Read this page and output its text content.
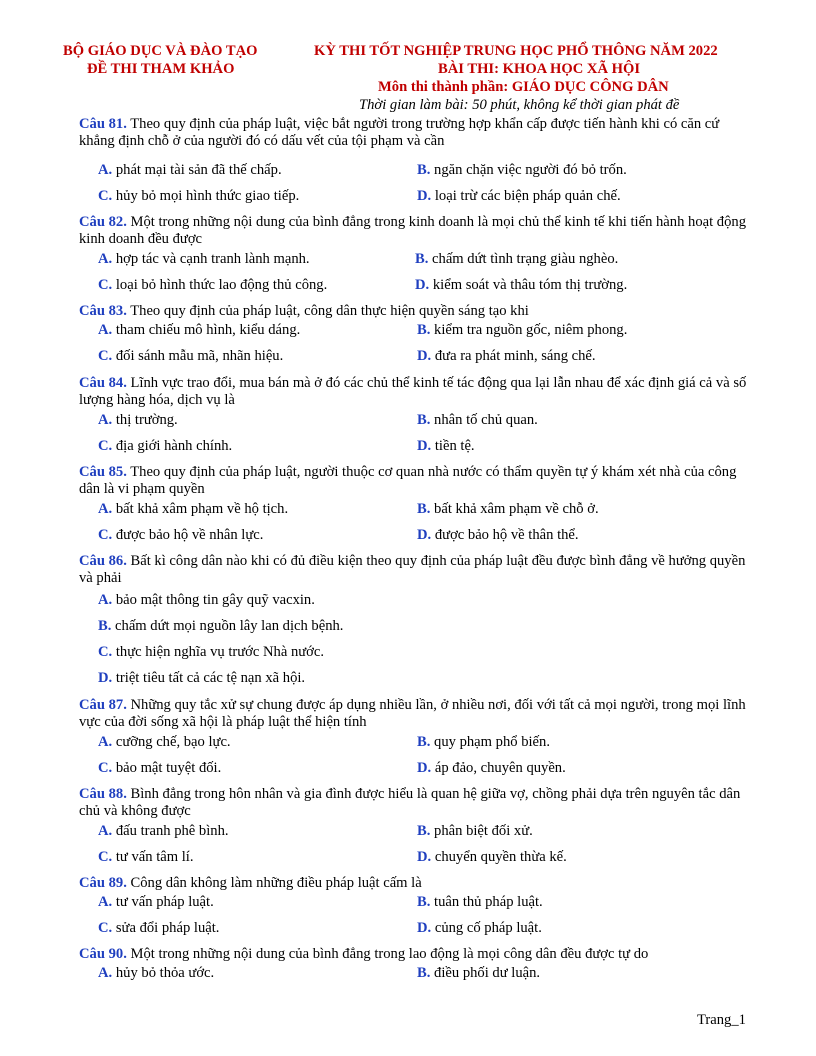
BỘ GIÁO DỤC VÀ ĐÀO TẠO
ĐỀ THI THAM KHẢO
KỲ THI TỐT NGHIỆP TRUNG HỌC PHỔ THÔNG NĂM 2022
BÀI THI: KHOA HỌC XÃ HỘI
Môn thi thành phần: GIÁO DỤC CÔNG DÂN
Thời gian làm bài: 50 phút, không kể thời gian phát đề
Câu 81. Theo quy định của pháp luật, việc bắt người trong trường hợp khẩn cấp được tiến hành khi có căn cứ khẳng định chỗ ở của người đó có dấu vết của tội phạm và cần
A. phát mại tài sản đã thế chấp.	B. ngăn chặn việc người đó bỏ trốn.
C. hủy bỏ mọi hình thức giao tiếp.	D. loại trừ các biện pháp quản chế.
Câu 82. Một trong những nội dung của bình đẳng trong kinh doanh là mọi chủ thể kinh tế khi tiến hành hoạt động kinh doanh đều được
A. hợp tác và cạnh tranh lành mạnh.	B. chấm dứt tình trạng giàu nghèo.
C. loại bỏ hình thức lao động thủ công.	D. kiểm soát và thâu tóm thị trường.
Câu 83. Theo quy định của pháp luật, công dân thực hiện quyền sáng tạo khi
A. tham chiếu mô hình, kiểu dáng.	B. kiểm tra nguồn gốc, niêm phong.
C. đối sánh mẫu mã, nhãn hiệu.	D. đưa ra phát minh, sáng chế.
Câu 84. Lĩnh vực trao đổi, mua bán mà ở đó các chủ thể kinh tế tác động qua lại lẫn nhau để xác định giá cả và số lượng hàng hóa, dịch vụ là
A. thị trường.	B. nhân tố chủ quan.
C. địa giới hành chính.	D. tiền tệ.
Câu 85. Theo quy định của pháp luật, người thuộc cơ quan nhà nước có thẩm quyền tự ý khám xét nhà của công dân là vi phạm quyền
A. bất khả xâm phạm về hộ tịch.	B. bất khả xâm phạm về chỗ ở.
C. được bảo hộ về nhân lực.	D. được bảo hộ về thân thể.
Câu 86. Bất kì công dân nào khi có đủ điều kiện theo quy định của pháp luật đều được bình đẳng về hưởng quyền và phải
A. bảo mật thông tin gây quỹ vacxin.
B. chấm dứt mọi nguồn lây lan dịch bệnh.
C. thực hiện nghĩa vụ trước Nhà nước.
D. triệt tiêu tất cả các tệ nạn xã hội.
Câu 87. Những quy tắc xử sự chung được áp dụng nhiều lần, ở nhiều nơi, đối với tất cả mọi người, trong mọi lĩnh vực của đời sống xã hội là pháp luật thể hiện tính
A. cưỡng chế, bạo lực.	B. quy phạm phổ biến.
C. bảo mật tuyệt đối.	D. áp đảo, chuyên quyền.
Câu 88. Bình đẳng trong hôn nhân và gia đình được hiểu là quan hệ giữa vợ, chồng phải dựa trên nguyên tắc dân chủ và không được
A. đấu tranh phê bình.	B. phân biệt đối xử.
C. tư vấn tâm lí.	D. chuyển quyền thừa kế.
Câu 89. Công dân không làm những điều pháp luật cấm là
A. tư vấn pháp luật.	B. tuân thủ pháp luật.
C. sửa đổi pháp luật.	D. củng cố pháp luật.
Câu 90. Một trong những nội dung của bình đẳng trong lao động là mọi công dân đều được tự do
A. hủy bỏ thỏa ước.	B. điều phối dư luận.
Trang_1
